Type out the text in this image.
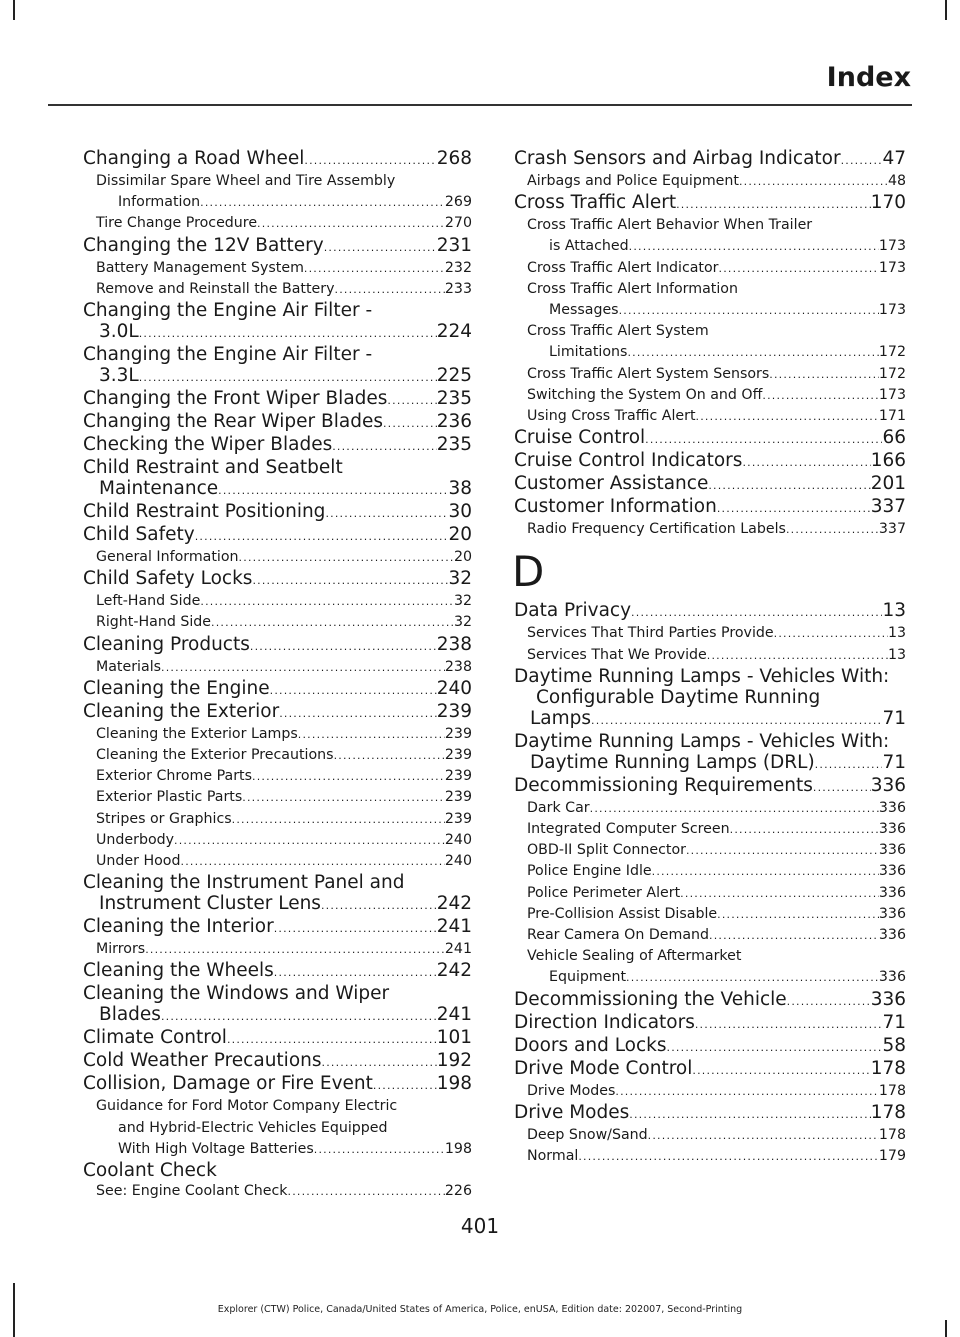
Index
Changing a Road Wheel .....	268
Dissimilar Spare Wheel and Tire Assembly
Information .....	269
Tire Change Procedure .....	270
Changing the 12V Battery .....	231
Battery Management System .....	232
Remove and Reinstall the Battery .....	233
Changing the Engine Air Filter -
3.0L .....	224
Changing the Engine Air Filter -
3.3L .....	225
Changing the Front Wiper Blades .....	235
Changing the Rear Wiper Blades .....	236
Checking the Wiper Blades .....	235
Child Restraint and Seatbelt
Maintenance .....	38
Child Restraint Positioning .....	30
Child Safety .....	20
General Information .....	20
Child Safety Locks .....	32
Left-Hand Side .....	32
Right-Hand Side .....	32
Cleaning Products .....	238
Materials .....	238
Cleaning the Engine .....	240
Cleaning the Exterior .....	239
Cleaning the Exterior Lamps .....	239
Cleaning the Exterior Precautions .....	239
Exterior Chrome Parts .....	239
Exterior Plastic Parts .....	239
Stripes or Graphics .....	239
Underbody .....	240
Under Hood .....	240
Cleaning the Instrument Panel and
Instrument Cluster Lens .....	242
Cleaning the Interior .....	241
Mirrors .....	241
Cleaning the Wheels .....	242
Cleaning the Windows and Wiper
Blades .....	241
Climate Control .....	101
Cold Weather Precautions .....	192
Collision, Damage or Fire Event .....	198
Guidance for Ford Motor Company Electric
and Hybrid-Electric Vehicles Equipped
With High Voltage Batteries .....	198
Coolant Check
See: Engine Coolant Check .....	226
Crash Sensors and Airbag Indicator ..... 47
Airbags and Police Equipment .....	48
Cross Traffic Alert .....	170
Cross Traffic Alert Behavior When Trailer
is Attached .....	173
Cross Traffic Alert Indicator .....	173
Cross Traffic Alert Information
Messages .....	173
Cross Traffic Alert System
Limitations .....	172
Cross Traffic Alert System Sensors .....	172
Switching the System On and Off .....	173
Using Cross Traffic Alert .....	171
Cruise Control .....	66
Cruise Control Indicators .....	166
Customer Assistance .....	201
Customer Information .....	337
Radio Frequency Certification Labels .....	337
D
Data Privacy .....	13
Services That Third Parties Provide .....	13
Services That We Provide .....	13
Daytime Running Lamps - Vehicles With:
Configurable Daytime Running
Lamps .....	71
Daytime Running Lamps - Vehicles With:
Daytime Running Lamps (DRL) .....	71
Decommissioning Requirements .....	336
Dark Car .....	336
Integrated Computer Screen .....	336
OBD-II Split Connector .....	336
Police Engine Idle .....	336
Police Perimeter Alert .....	336
Pre-Collision Assist Disable .....	336
Rear Camera On Demand .....	336
Vehicle Sealing of Aftermarket
Equipment .....	336
Decommissioning the Vehicle .....	336
Direction Indicators .....	71
Doors and Locks .....	58
Drive Mode Control .....	178
Drive Modes .....	178
Drive Modes .....	178
Deep Snow/Sand .....	178
Normal .....	179
401
Explorer (CTW) Police, Canada/United States of America, Police, enUSA, Edition date: 202007, Second-Printing
